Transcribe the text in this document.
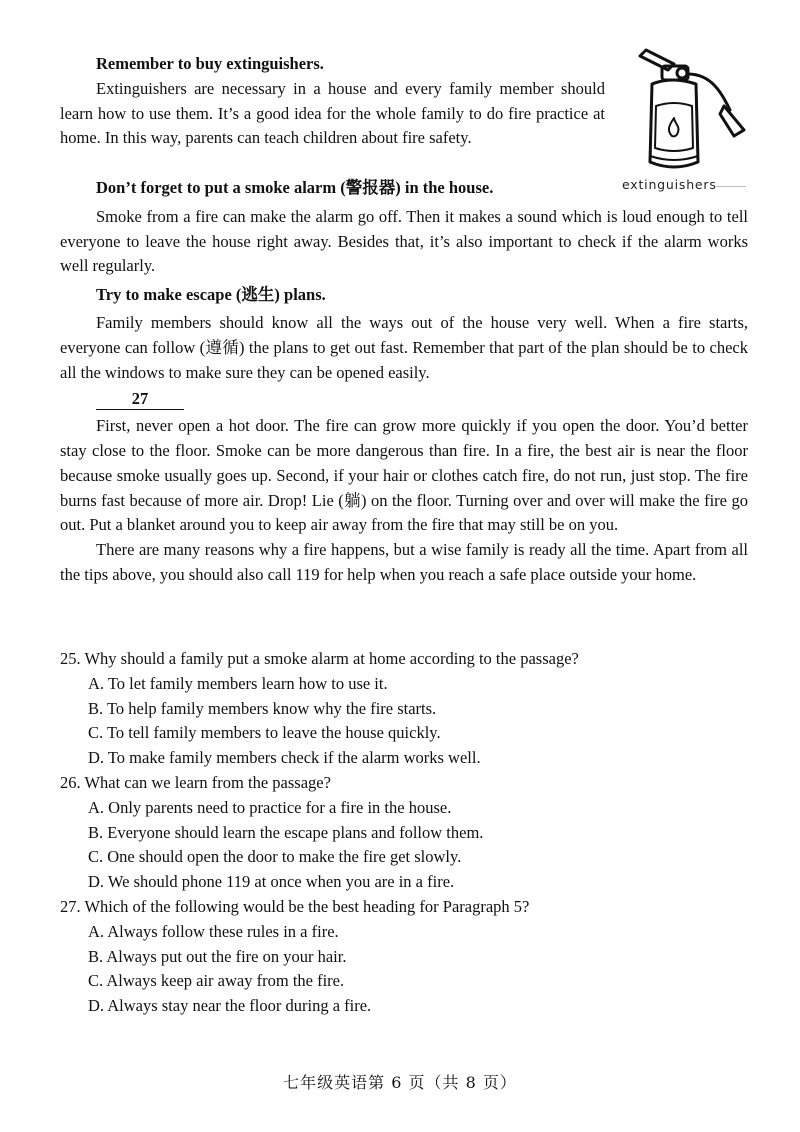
Remember to buy extinguishers.

Extinguishers are necessary in a house and every family member should learn how to use them. It’s a good idea for the whole family to do fire practice at home. In this way, parents can teach children about fire safety.

extinguishers
Don’t forget to put a smoke alarm (警报器) in the house.

Smoke from a fire can make the alarm go off. Then it makes a sound which is loud enough to tell everyone to leave the house right away. Besides that, it’s also important to check if the alarm works well regularly.

Try to make escape (逃生) plans.

Family members should know all the ways out of the house very well. When a fire starts, everyone can follow (遵循) the plans to get out fast. Remember that part of the plan should be to check all the windows to make sure they can be opened easily.

27

First, never open a hot door. The fire can grow more quickly if you open the door. You’d better stay close to the floor. Smoke can be more dangerous than fire. In a fire, the best air is near the floor because smoke usually goes up. Second, if your hair or clothes catch fire, do not run, just stop. The fire burns fast because of more air. Drop! Lie (躺) on the floor. Turning over and over will make the fire go out. Put a blanket around you to keep air away from the fire that may still be on you.

There are many reasons why a fire happens, but a wise family is ready all the time. Apart from all the tips above, you should also call 119 for help when you reach a safe place outside your home.

25. Why should a family put a smoke alarm at home according to the passage?

A. To let family members learn how to use it.

B. To help family members know why the fire starts.

C. To tell family members to leave the house quickly.

D. To make family members check if the alarm works well.

26. What can we learn from the passage?

A. Only parents need to practice for a fire in the house.

B. Everyone should learn the escape plans and follow them.

C. One should open the door to make the fire get slowly.

D. We should phone 119 at once when you are in a fire.

27. Which of the following would be the best heading for Paragraph 5?

A. Always follow these rules in a fire.

B. Always put out the fire on your hair.

C. Always keep air away from the fire.

D. Always stay near the floor during a fire.

七年级英语第 6 页（共 8 页）
